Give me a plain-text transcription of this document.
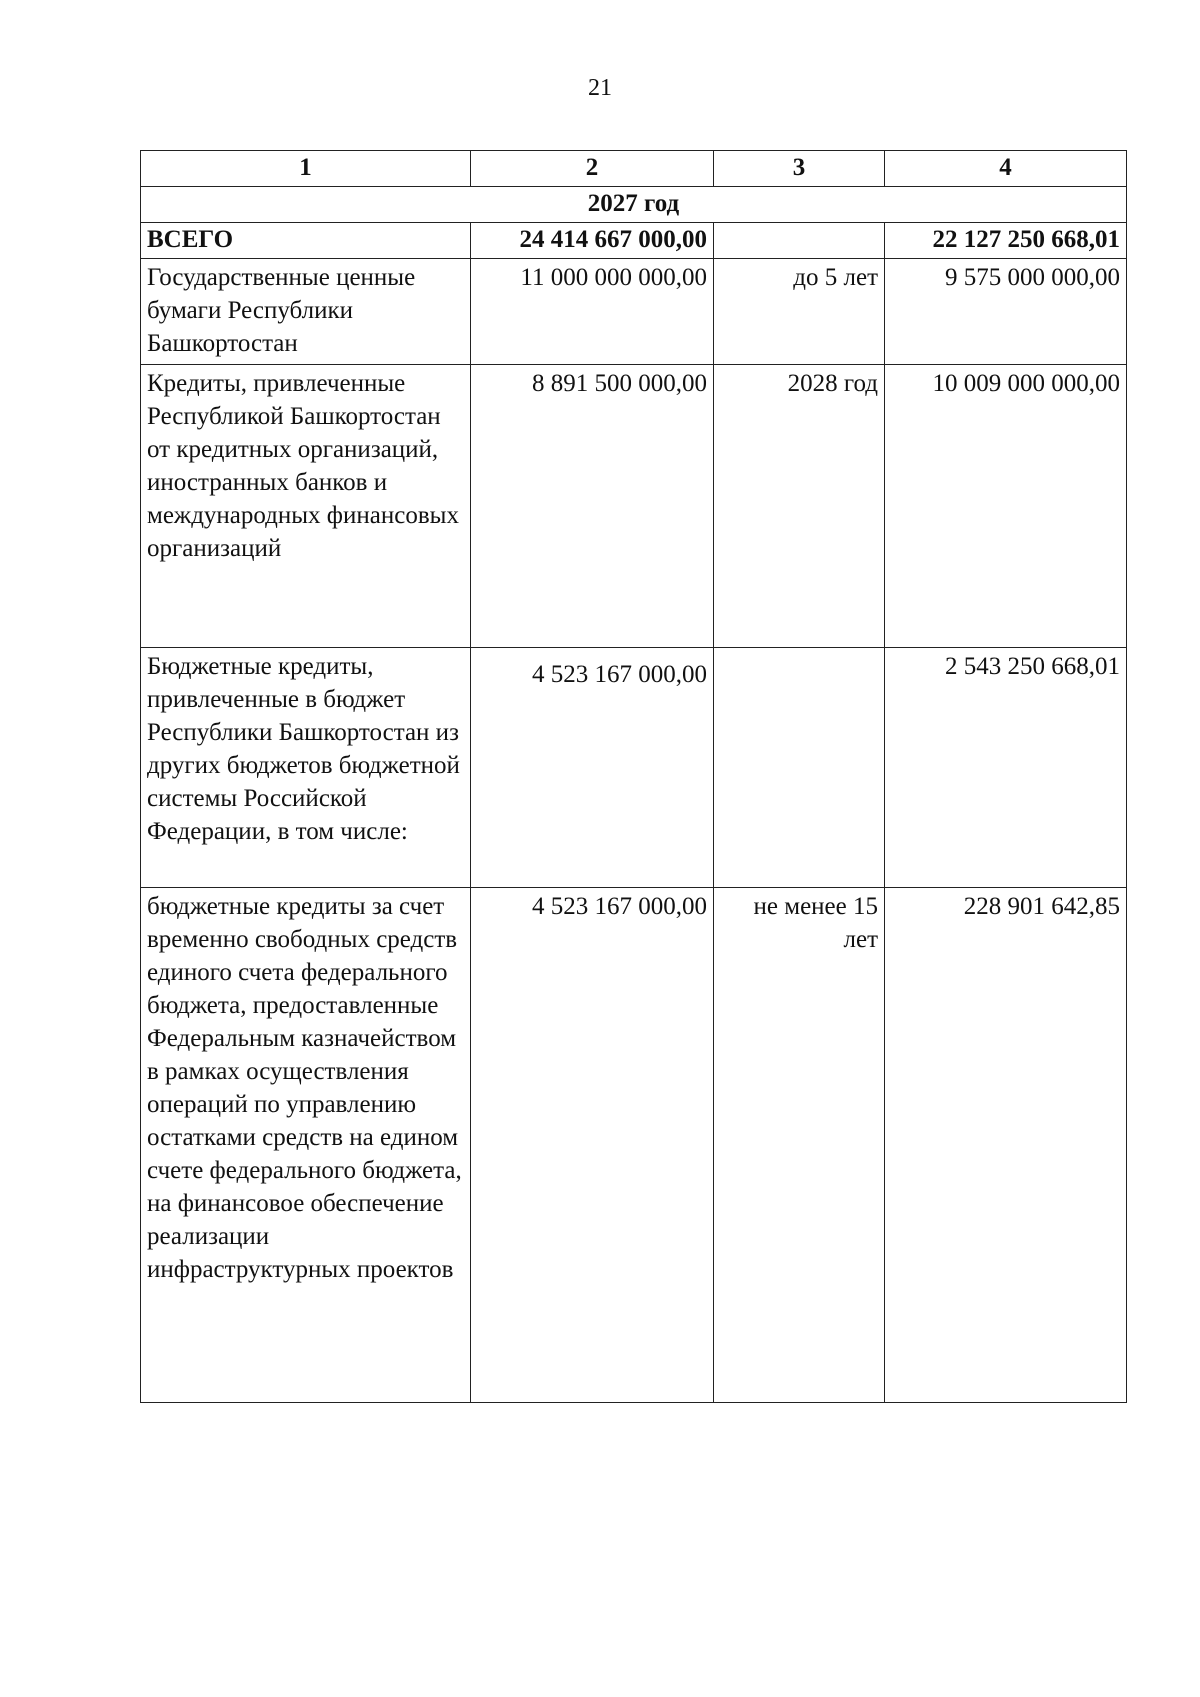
21
1	2	3	4
2027 год			
ВСЕГО	24 414 667 000,00		22 127 250 668,01
Государственные ценные бумаги Республики Башкортостан	11 000 000 000,00	до 5 лет	9 575 000 000,00
Кредиты, привлеченные Республикой Башкортостан от кредитных организаций, иностранных банков и международных финансовых организаций	8 891 500 000,00	2028 год	10 009 000 000,00
Бюджетные кредиты, привлеченные в бюджет Республики Башкортостан из других бюджетов бюджетной системы Российской Федерации, в том числе:	4 523 167 000,00		2 543 250 668,01
бюджетные кредиты за счет временно свободных средств единого счета федерального бюджета, предоставленные Федеральным казначейством в рамках осуществления операций по управлению остатками средств на едином счете федерального бюджета, на финансовое обеспечение реализации инфраструктурных проектов	4 523 167 000,00	не менее 15 лет	228 901 642,85
